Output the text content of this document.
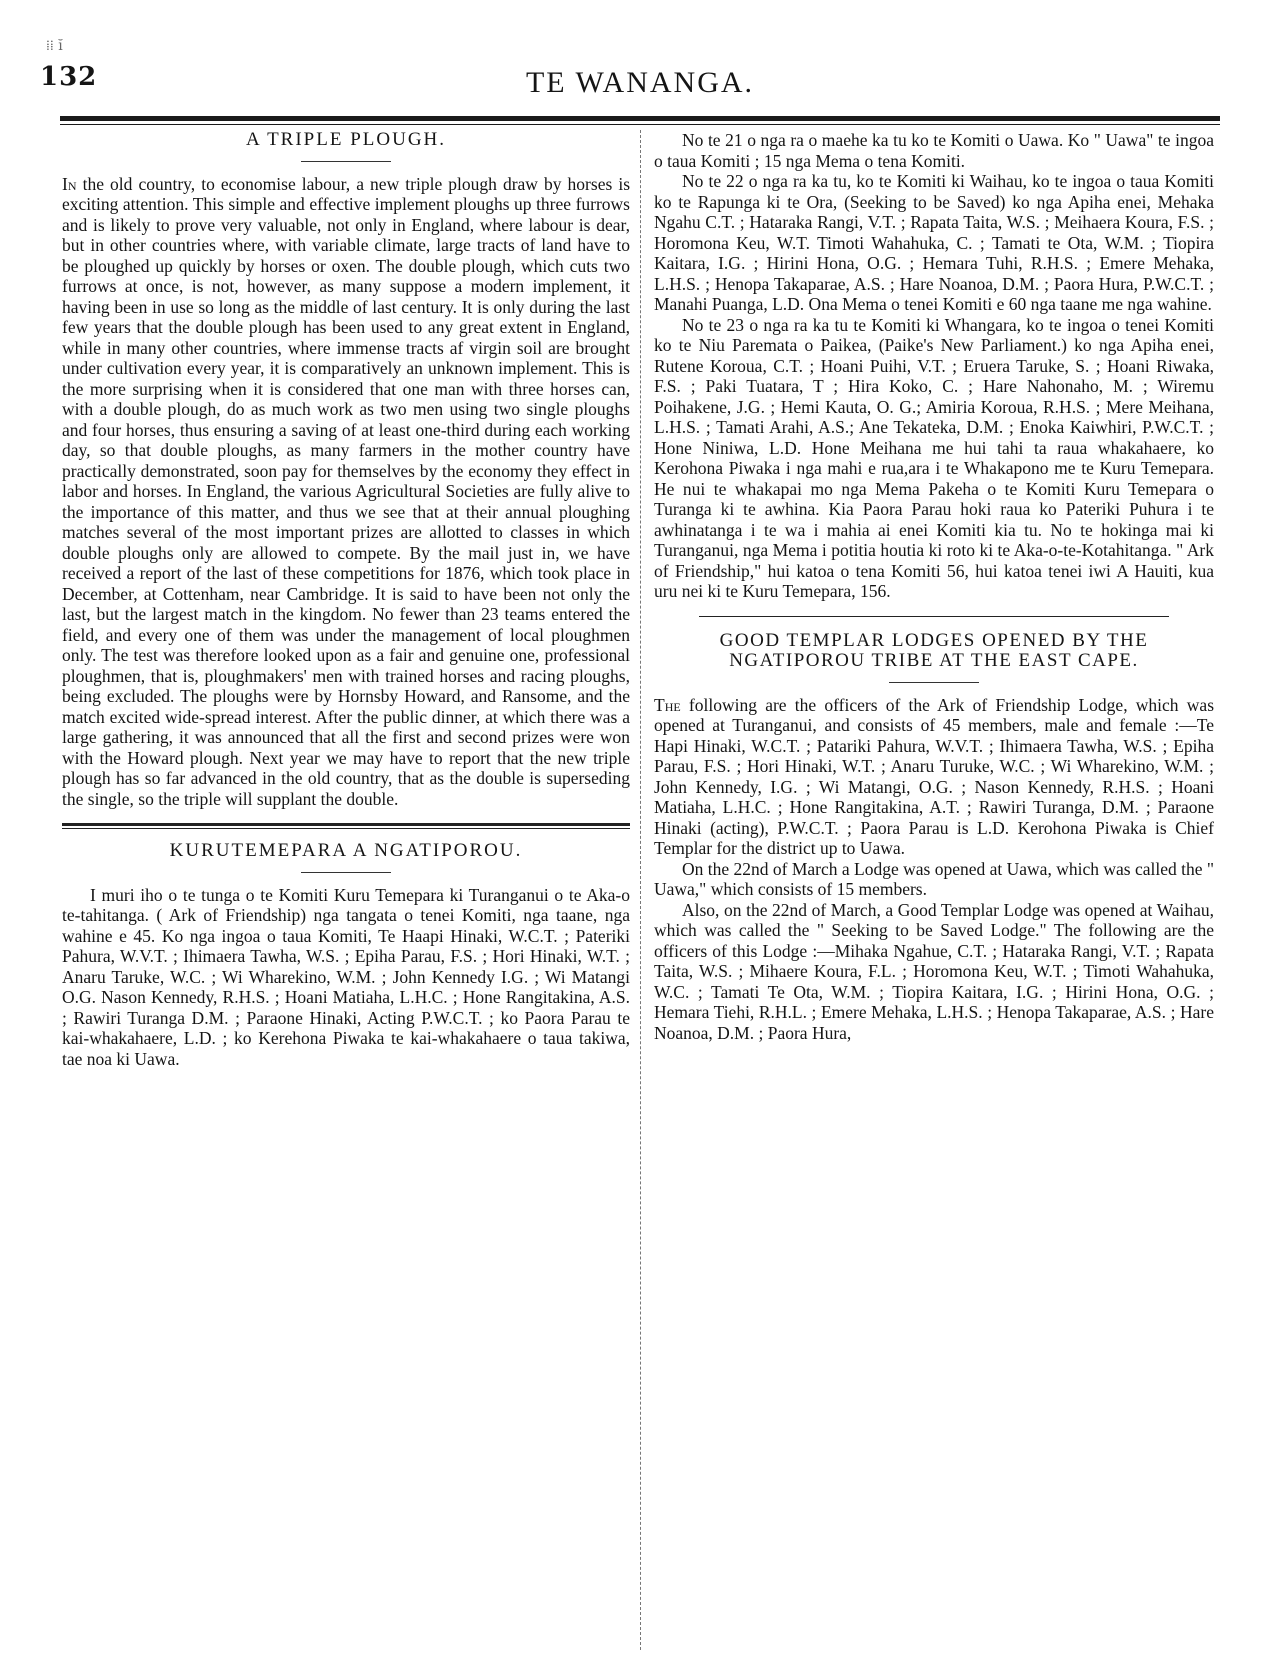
⁞⁞ ĭ
132	TE WANANGA.
A TRIPLE PLOUGH.

In the old country, to economise labour, a new triple plough draw by horses is exciting attention. This simple and effective implement ploughs up three furrows and is likely to prove very valuable, not only in England, where labour is dear, but in other countries where, with variable climate, large tracts of land have to be ploughed up quickly by horses or oxen. The double plough, which cuts two furrows at once, is not, however, as many suppose a modern implement, it having been in use so long as the middle of last century. It is only during the last few years that the double plough has been used to any great extent in England, while in many other countries, where immense tracts af virgin soil are brought under cultivation every year, it is comparatively an unknown implement. This is the more surprising when it is considered that one man with three horses can, with a double plough, do as much work as two men using two single ploughs and four horses, thus ensuring a saving of at least one-third during each working day, so that double ploughs, as many farmers in the mother country have practically demonstrated, soon pay for themselves by the economy they effect in labor and horses. In England, the various Agricultural Societies are fully alive to the importance of this matter, and thus we see that at their annual ploughing matches several of the most important prizes are allotted to classes in which double ploughs only are allowed to compete. By the mail just in, we have received a report of the last of these competitions for 1876, which took place in December, at Cottenham, near Cambridge. It is said to have been not only the last, but the largest match in the kingdom. No fewer than 23 teams entered the field, and every one of them was under the management of local ploughmen only. The test was therefore looked upon as a fair and genuine one, professional ploughmen, that is, ploughmakers' men with trained horses and racing ploughs, being excluded. The ploughs were by Hornsby Howard, and Ransome, and the match excited wide-spread interest. After the public dinner, at which there was a large gathering, it was announced that all the first and second prizes were won with the Howard plough. Next year we may have to report that the new triple plough has so far advanced in the old country, that as the double is superseding the single, so the triple will supplant the double.

KURUTEMEPARA A NGATIPOROU.

I muri iho o te tunga o te Komiti Kuru Temepara ki Turanganui o te Aka-o te-tahitanga. ( Ark of Friendship) nga tangata o tenei Komiti, nga taane, nga wahine e 45. Ko nga ingoa o taua Komiti, Te Haapi Hinaki, W.C.T. ; Pateriki Pahura, W.V.T. ; Ihimaera Tawha, W.S. ; Epiha Parau, F.S. ; Hori Hinaki, W.T. ; Anaru Taruke, W.C. ; Wi Wharekino, W.M. ; John Kennedy I.G. ; Wi Matangi O.G. Nason Kennedy, R.H.S. ; Hoani Matiaha, L.H.C. ; Hone Rangitakina, A.S. ; Rawiri Turanga D.M. ; Paraone Hinaki, Acting P.W.C.T. ; ko Paora Parau te kai-whakahaere, L.D. ; ko Kerehona Piwaka te kai-whakahaere o taua takiwa, tae noa ki Uawa.

No te 21 o nga ra o maehe ka tu ko te Komiti o Uawa. Ko " Uawa" te ingoa o taua Komiti ; 15 nga Mema o tena Komiti.

No te 22 o nga ra ka tu, ko te Komiti ki Waihau, ko te ingoa o taua Komiti ko te Rapunga ki te Ora, (Seeking to be Saved) ko nga Apiha enei, Mehaka Ngahu C.T. ; Hataraka Rangi, V.T. ; Rapata Taita, W.S. ; Meihaera Koura, F.S. ; Horomona Keu, W.T. Timoti Wahahuka, C. ; Tamati te Ota, W.M. ; Tiopira Kaitara, I.G. ; Hirini Hona, O.G. ; Hemara Tuhi, R.H.S. ; Emere Mehaka, L.H.S. ; Henopa Takaparae, A.S. ; Hare Noanoa, D.M. ; Paora Hura, P.W.C.T. ; Manahi Puanga, L.D. Ona Mema o tenei Komiti e 60 nga taane me nga wahine.

No te 23 o nga ra ka tu te Komiti ki Whangara, ko te ingoa o tenei Komiti ko te Niu Paremata o Paikea, (Paike's New Parliament.) ko nga Apiha enei, Rutene Koroua, C.T. ; Hoani Puihi, V.T. ; Eruera Taruke, S. ; Hoani Riwaka, F.S. ; Paki Tuatara, T ; Hira Koko, C. ; Hare Nahonaho, M. ; Wiremu Poihakene, J.G. ; Hemi Kauta, O. G.; Amiria Koroua, R.H.S. ; Mere Meihana, L.H.S. ; Tamati Arahi, A.S.; Ane Tekateka, D.M. ; Enoka Kaiwhiri, P.W.C.T. ; Hone Niniwa, L.D. Hone Meihana me hui tahi ta raua whakahaere, ko Kerohona Piwaka i nga mahi e rua,ara i te Whakapono me te Kuru Temepara. He nui te whakapai mo nga Mema Pakeha o te Komiti Kuru Temepara o Turanga ki te awhina. Kia Paora Parau hoki raua ko Pateriki Puhura i te awhinatanga i te wa i mahia ai enei Komiti kia tu. No te hokinga mai ki Turanganui, nga Mema i potitia houtia ki roto ki te Aka-o-te-Kotahitanga. " Ark of Friendship," hui katoa o tena Komiti 56, hui katoa tenei iwi A Hauiti, kua uru nei ki te Kuru Temepara, 156.

GOOD TEMPLAR LODGES OPENED BY THE NGATIPOROU TRIBE AT THE EAST CAPE.

The following are the officers of the Ark of Friendship Lodge, which was opened at Turanganui, and consists of 45 members, male and female :—Te Hapi Hinaki, W.C.T. ; Patariki Pahura, W.V.T. ; Ihimaera Tawha, W.S. ; Epiha Parau, F.S. ; Hori Hinaki, W.T. ; Anaru Turuke, W.C. ; Wi Wharekino, W.M. ; John Kennedy, I.G. ; Wi Matangi, O.G. ; Nason Kennedy, R.H.S. ; Hoani Matiaha, L.H.C. ; Hone Rangitakina, A.T. ; Rawiri Turanga, D.M. ; Paraone Hinaki (acting), P.W.C.T. ; Paora Parau is L.D. Kerohona Piwaka is Chief Templar for the district up to Uawa.

On the 22nd of March a Lodge was opened at Uawa, which was called the " Uawa," which consists of 15 members.

Also, on the 22nd of March, a Good Templar Lodge was opened at Waihau, which was called the " Seeking to be Saved Lodge." The following are the officers of this Lodge :—Mihaka Ngahue, C.T. ; Hataraka Rangi, V.T. ; Rapata Taita, W.S. ; Mihaere Koura, F.L. ; Horomona Keu, W.T. ; Timoti Wahahuka, W.C. ; Tamati Te Ota, W.M. ; Tiopira Kaitara, I.G. ; Hirini Hona, O.G. ; Hemara Tiehi, R.H.L. ; Emere Mehaka, L.H.S. ; Henopa Takaparae, A.S. ; Hare Noanoa, D.M. ; Paora Hura,
